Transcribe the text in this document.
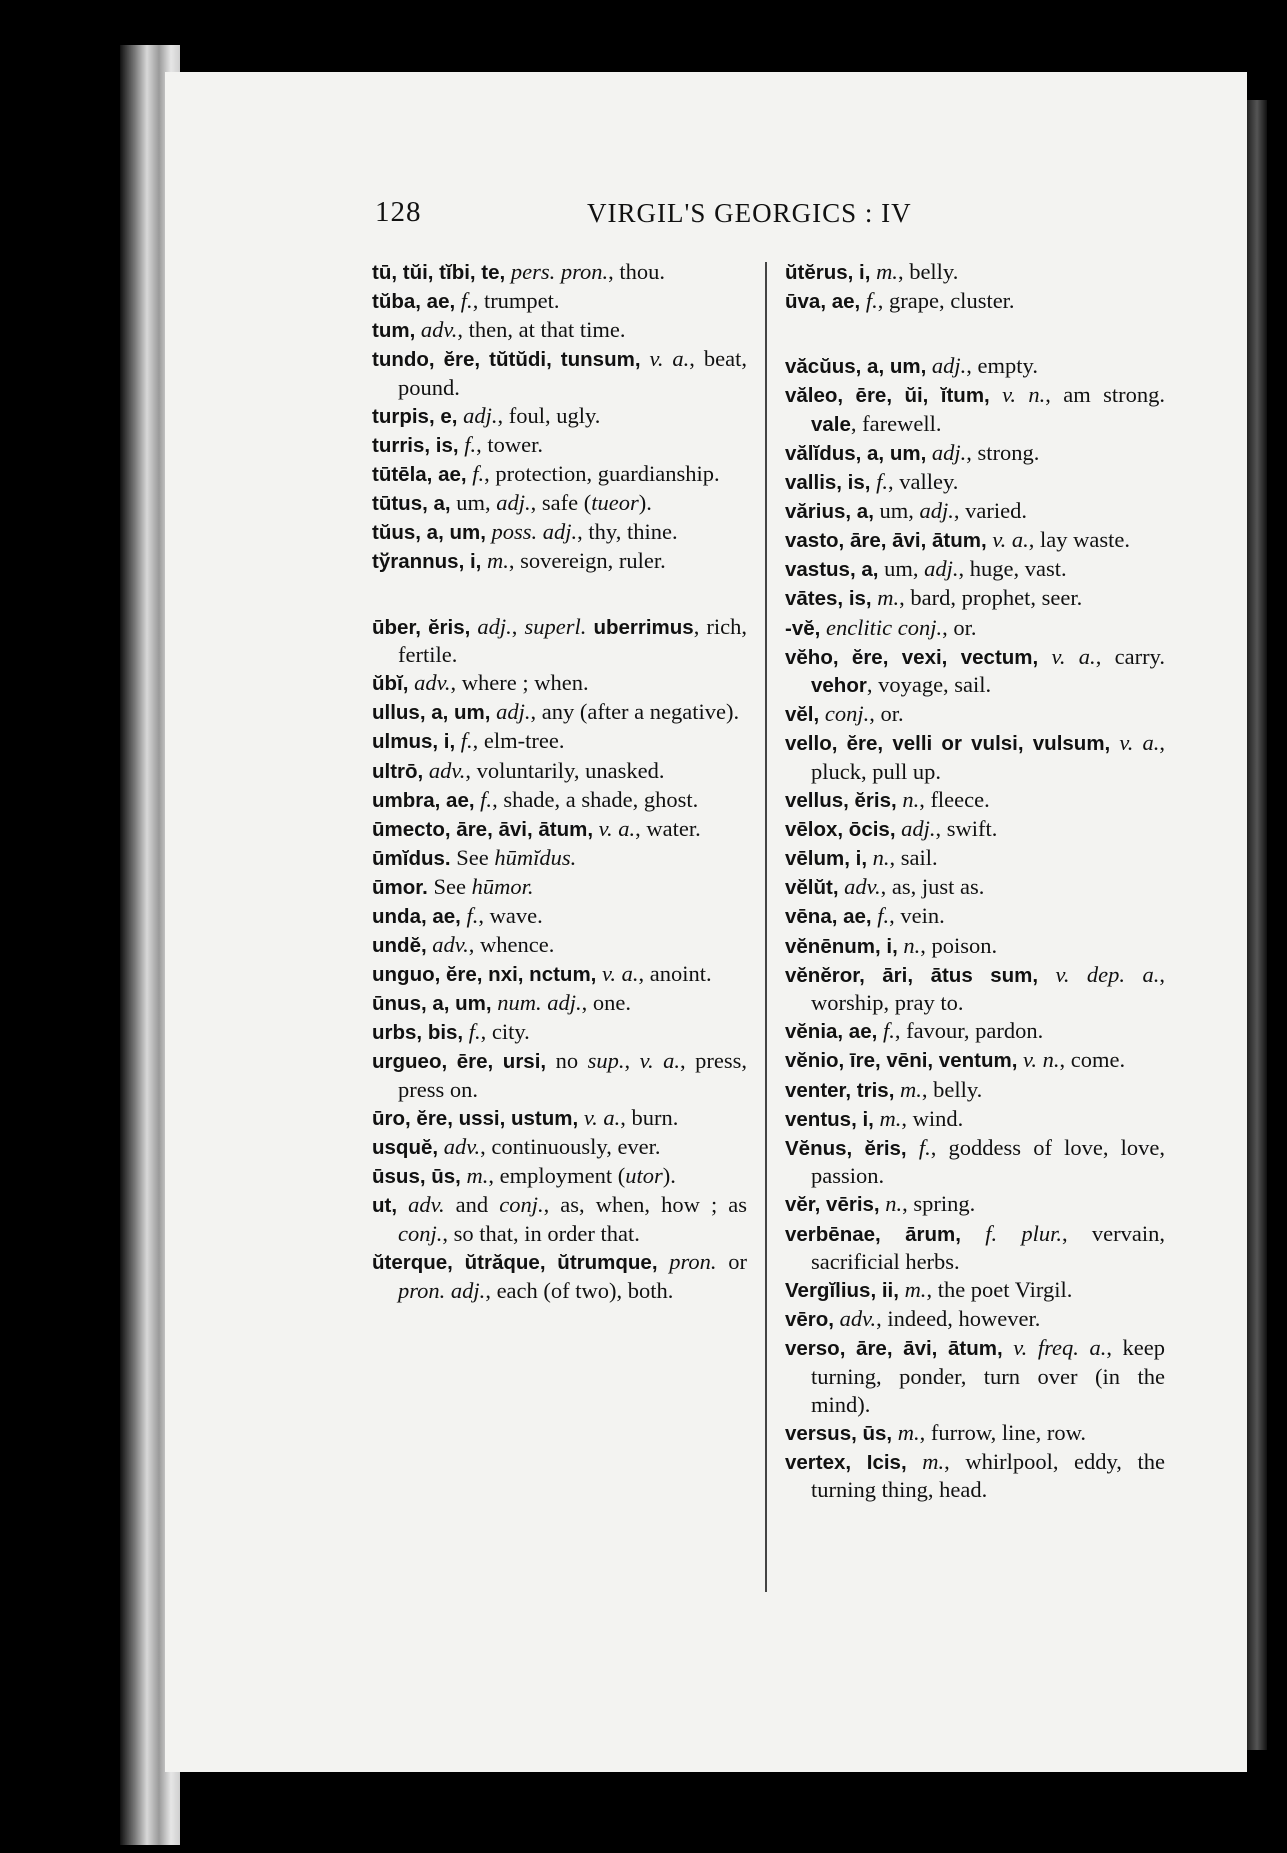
128	VIRGIL'S GEORGICS : IV
tū, tŭi, tĭbi, te, pers. pron., thou.
tŭba, ae, f., trumpet.
tum, adv., then, at that time.
tundo, ĕre, tŭtŭdi, tunsum, v. a., beat, pound.
turpis, e, adj., foul, ugly.
turris, is, f., tower.
tūtēla, ae, f., protection, guardianship.
tūtus, a, um, adj., safe (tueor).
tŭus, a, um, poss. adj., thy, thine.
tўrannus, i, m., sovereign, ruler.
ūber, ĕris, adj., superl. uberrimus, rich, fertile.
ŭbĭ, adv., where ; when.
ullus, a, um, adj., any (after a negative).
ulmus, i, f., elm-tree.
ultrō, adv., voluntarily, unasked.
umbra, ae, f., shade, a shade, ghost.
ūmecto, āre, āvi, ātum, v. a., water.
ūmĭdus. See hūmĭdus.
ūmor. See hūmor.
unda, ae, f., wave.
undĕ, adv., whence.
unguo, ĕre, nxi, nctum, v. a., anoint.
ūnus, a, um, num. adj., one.
urbs, bis, f., city.
urgueo, ēre, ursi, no sup., v. a., press, press on.
ūro, ĕre, ussi, ustum, v. a., burn.
usquĕ, adv., continuously, ever.
ūsus, ūs, m., employment (utor).
ut, adv. and conj., as, when, how ; as conj., so that, in order that.
ŭterque, ŭtrăque, ŭtrumque, pron. or pron. adj., each (of two), both.
ŭtĕrus, i, m., belly.
ūva, ae, f., grape, cluster.
văcŭus, a, um, adj., empty.
văleo, ēre, ŭi, ĭtum, v. n., am strong. vale, farewell.
vălĭdus, a, um, adj., strong.
vallis, is, f., valley.
vărius, a, um, adj., varied.
vasto, āre, āvi, ātum, v. a., lay waste.
vastus, a, um, adj., huge, vast.
vātes, is, m., bard, prophet, seer.
-vĕ, enclitic conj., or.
vĕho, ĕre, vexi, vectum, v. a., carry. vehor, voyage, sail.
vĕl, conj., or.
vello, ĕre, velli or vulsi, vulsum, v. a., pluck, pull up.
vellus, ĕris, n., fleece.
vēlox, ōcis, adj., swift.
vēlum, i, n., sail.
vĕlŭt, adv., as, just as.
vēna, ae, f., vein.
vĕnēnum, i, n., poison.
vĕnĕror, āri, ātus sum, v. dep. a., worship, pray to.
vĕnia, ae, f., favour, pardon.
vĕnio, īre, vēni, ventum, v. n., come.
venter, tris, m., belly.
ventus, i, m., wind.
Vĕnus, ĕris, f., goddess of love, love, passion.
vĕr, vēris, n., spring.
verbēnae, ārum, f. plur., vervain, sacrificial herbs.
Vergĭlius, ii, m., the poet Virgil.
vēro, adv., indeed, however.
verso, āre, āvi, ātum, v. freq. a., keep turning, ponder, turn over (in the mind).
versus, ūs, m., furrow, line, row.
vertex, Icis, m., whirlpool, eddy, the turning thing, head.
